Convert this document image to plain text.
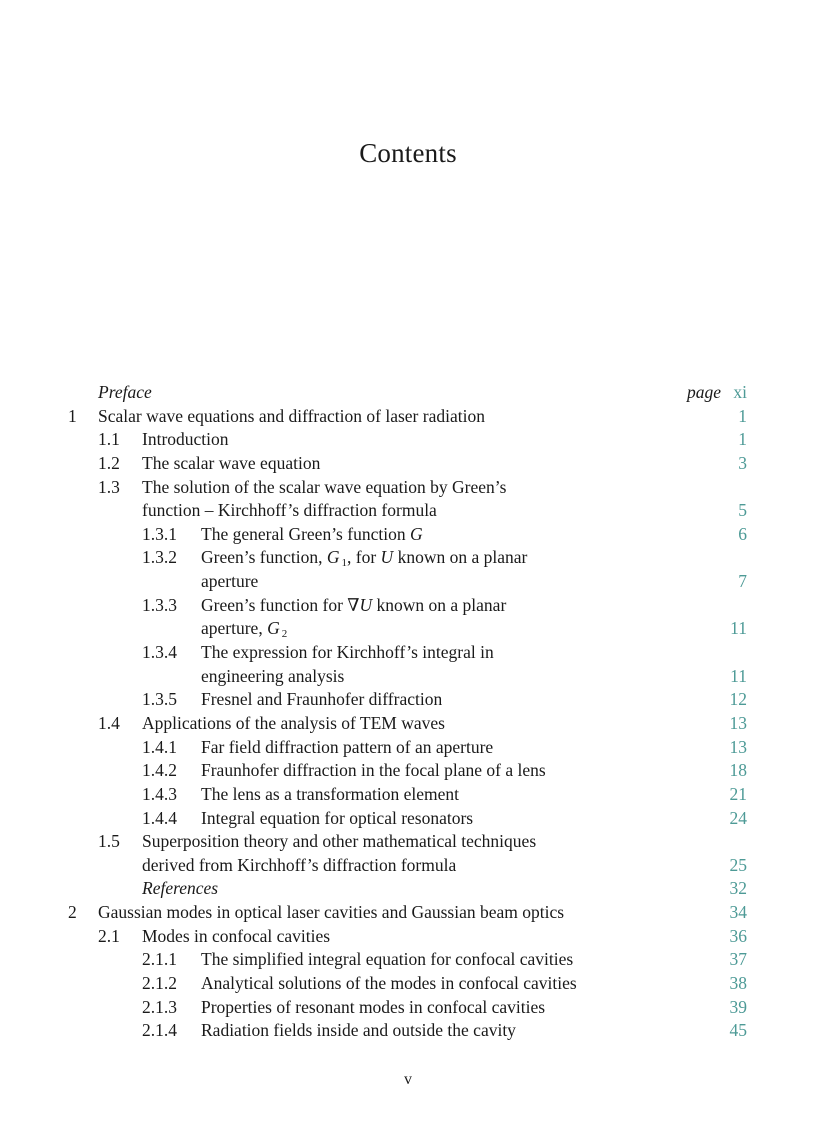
Contents
Preface	page xi
1 Scalar wave equations and diffraction of laser radiation	1
1.1 Introduction	1
1.2 The scalar wave equation	3
1.3 The solution of the scalar wave equation by Green’s
function – Kirchhoff’s diffraction formula	5
1.3.1 The general Green’s function G	6
1.3.2 Green’s function, G $_1$, for U known on a planar
aperture	7
1.3.3 Green’s function for ∇U known on a planar
aperture, G $_2$	11
1.3.4 The expression for Kirchhoff’s integral in
engineering analysis	11
1.3.5 Fresnel and Fraunhofer diffraction	12
1.4 Applications of the analysis of TEM waves	13
1.4.1 Far field diffraction pattern of an aperture	13
1.4.2 Fraunhofer diffraction in the focal plane of a lens	18
1.4.3 The lens as a transformation element	21
1.4.4 Integral equation for optical resonators	24
1.5 Superposition theory and other mathematical techniques
derived from Kirchhoff’s diffraction formula	25
References	32
2 Gaussian modes in optical laser cavities and Gaussian beam optics	34
2.1 Modes in confocal cavities	36
2.1.1 The simplified integral equation for confocal cavities	37
2.1.2 Analytical solutions of the modes in confocal cavities	38
2.1.3 Properties of resonant modes in confocal cavities	39
2.1.4 Radiation fields inside and outside the cavity	45
v
